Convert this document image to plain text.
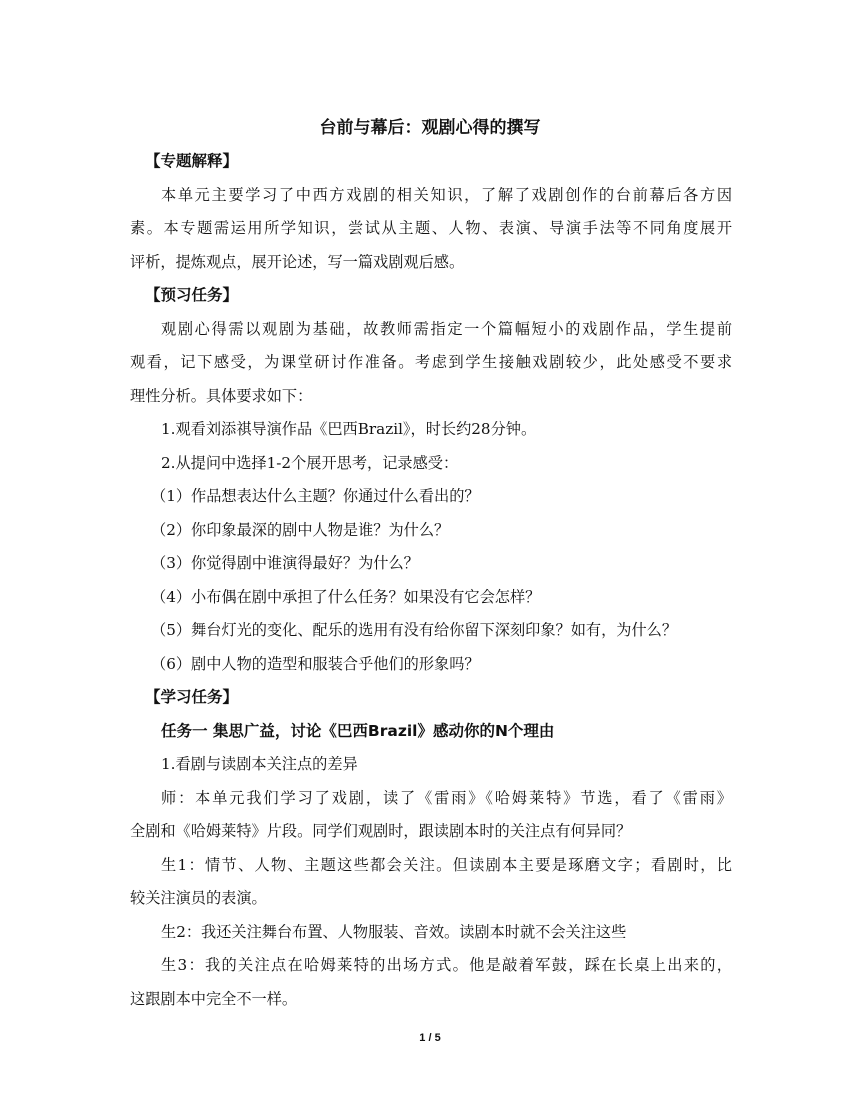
台前与幕后：观剧心得的撰写
【专题解释】
本单元主要学习了中西方戏剧的相关知识，了解了戏剧创作的台前幕后各方因
素。本专题需运用所学知识，尝试从主题、人物、表演、导演手法等不同角度展开
评析，提炼观点，展开论述，写一篇戏剧观后感。
【预习任务】
观剧心得需以观剧为基础，故教师需指定一个篇幅短小的戏剧作品，学生提前
观看，记下感受，为课堂研讨作准备。考虑到学生接触戏剧较少，此处感受不要求
理性分析。具体要求如下：
1.观看刘添祺导演作品《巴西Brazil》，时长约28分钟。
2.从提问中选择1-2个展开思考，记录感受：
（1）作品想表达什么主题？你通过什么看出的？
（2）你印象最深的剧中人物是谁？为什么？
（3）你觉得剧中谁演得最好？为什么？
（4）小布偶在剧中承担了什么任务？如果没有它会怎样？
（5）舞台灯光的变化、配乐的选用有没有给你留下深刻印象？如有，为什么？
（6）剧中人物的造型和服装合乎他们的形象吗？
【学习任务】
任务一 集思广益，讨论《巴西Brazil》感动你的N个理由
1.看剧与读剧本关注点的差异
师：本单元我们学习了戏剧，读了《雷雨》《哈姆莱特》节选，看了《雷雨》
全剧和《哈姆莱特》片段。同学们观剧时，跟读剧本时的关注点有何异同？
生1：情节、人物、主题这些都会关注。但读剧本主要是琢磨文字；看剧时，比
较关注演员的表演。
生2：我还关注舞台布置、人物服装、音效。读剧本时就不会关注这些
生3：我的关注点在哈姆莱特的出场方式。他是敲着军鼓，踩在长桌上出来的，
这跟剧本中完全不一样。
1 / 5
